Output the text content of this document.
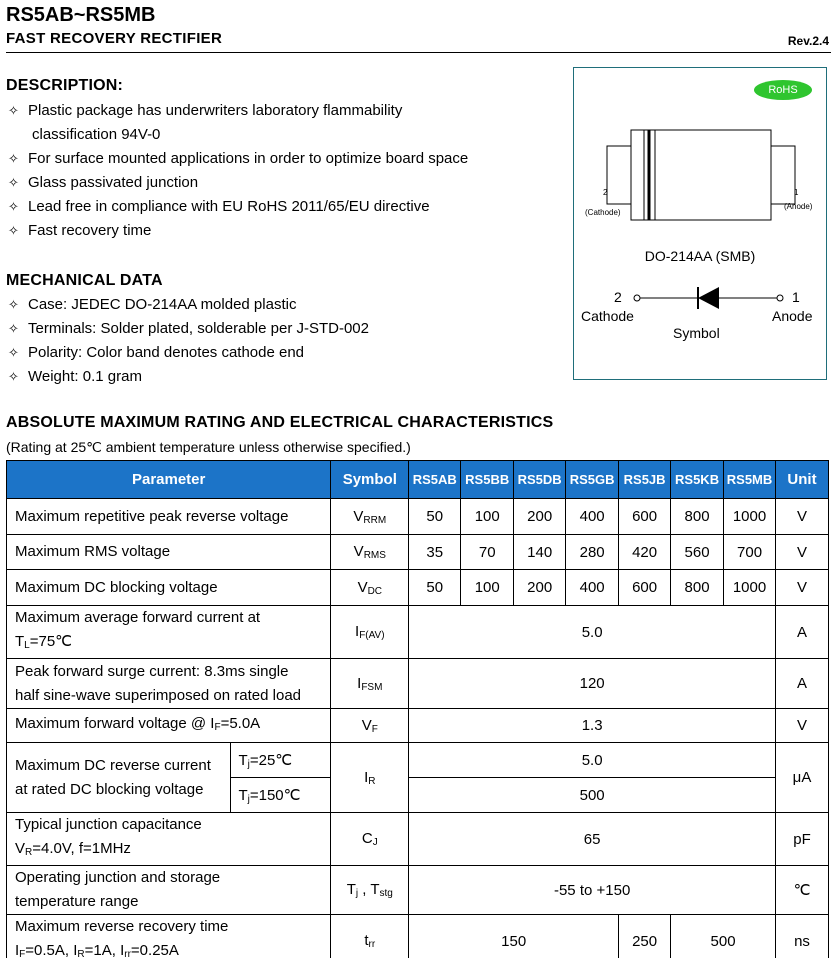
RS5AB~RS5MB
FAST RECOVERY RECTIFIER	Rev.2.4
DESCRIPTION:
✧ Plastic package has underwriters laboratory flammability
classification 94V-0
✧ For surface mounted applications in order to optimize board space
✧ Glass passivated junction
✧ Lead free in compliance with EU RoHS 2011/65/EU directive
✧ Fast recovery time
MECHANICAL DATA
✧ Case: JEDEC DO-214AA molded plastic
✧ Terminals: Solder plated, solderable per J-STD-002
✧ Polarity: Color band denotes cathode end
✧ Weight: 0.1 gram
RoHS
2
(Cathode)
1
(Anode)
DO-214AA (SMB)
2
Cathode
1
Anode
Symbol
ABSOLUTE MAXIMUM RATING AND ELECTRICAL CHARACTERISTICS
(Rating at 25℃ ambient temperature unless otherwise specified.)
Parameter		Symbol	RS5AB	RS5BB	RS5DB	RS5GB	RS5JB	RS5KB	RS5MB	Unit
Maximum repetitive peak reverse voltage		$V_{RRM}$	50	100	200	400	600	800	1000	V
Maximum RMS voltage		$V_{RMS}$	35	70	140	280	420	560	700	V
Maximum DC blocking voltage		$V_{DC}$	50	100	200	400	600	800	1000	V

Maximum average forward current at
$T_L=75℃$		$I_{F(AV)}$	5.0							A

Peak forward surge current: 8.3ms single
half sine-wave superimposed on rated load		$I_{FSM}$	120							A
Maximum forward voltage @ $I_F=5.0A$		$V_F$	1.3							V

Maximum DC reverse current
at rated DC blocking voltage	$T_j=25℃$	$I_R$	5.0							μA
	$T_j=150℃$		500							

Typical junction capacitance
$V_R=4.0V$, f=1MHz		$C_J$	65							pF

Operating junction and storage
temperature range		$T_j$ , $T_{stg}$	-55 to +150							℃

Maximum reverse recovery time
$I_F=0.5A$, $I_R=1A$, $I_{rr}=0.25A$		$t_{rr}$	150				250	500		ns
